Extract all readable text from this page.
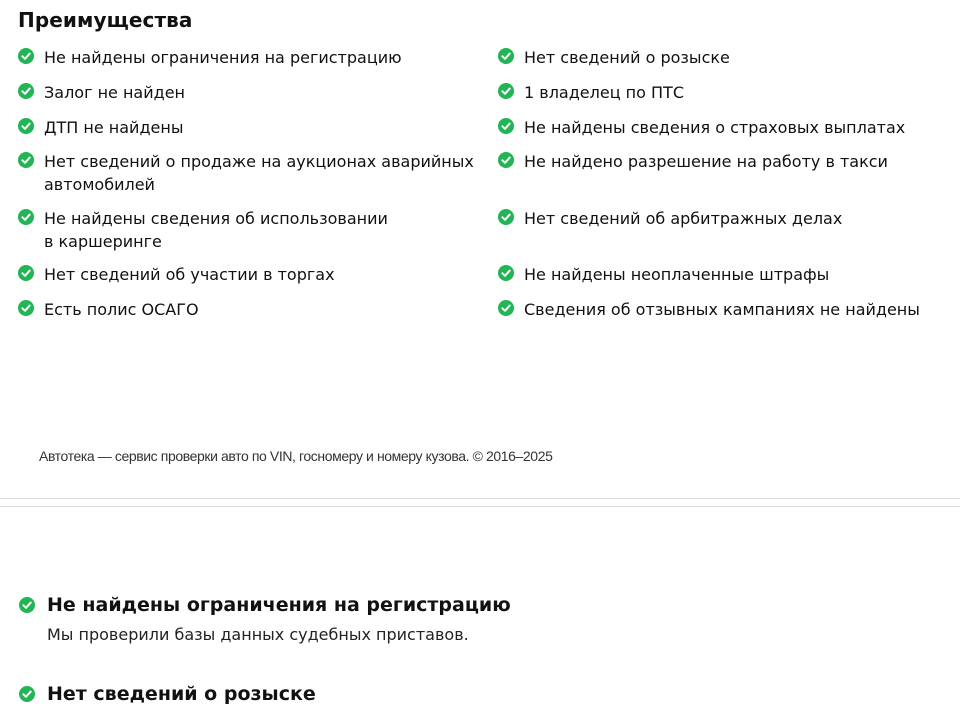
Преимущества
Не найдены ограничения на регистрацию
Залог не найден
ДТП не найдены
Нет сведений о продаже на аукционах аварийных
автомобилей
Не найдены сведения об использовании
в каршеринге
Нет сведений об участии в торгах
Есть полис ОСАГО
Нет сведений о розыске
1 владелец по ПТС
Не найдены сведения о страховых выплатах
Не найдено разрешение на работу в такси
Нет сведений об арбитражных делах
Не найдены неоплаченные штрафы
Сведения об отзывных кампаниях не найдены
Автотека — сервис проверки авто по VIN, госномеру и номеру кузова. © 2016–2025
Не найдены ограничения на регистрацию

Мы проверили базы данных судебных приставов.

Нет сведений о розыске
